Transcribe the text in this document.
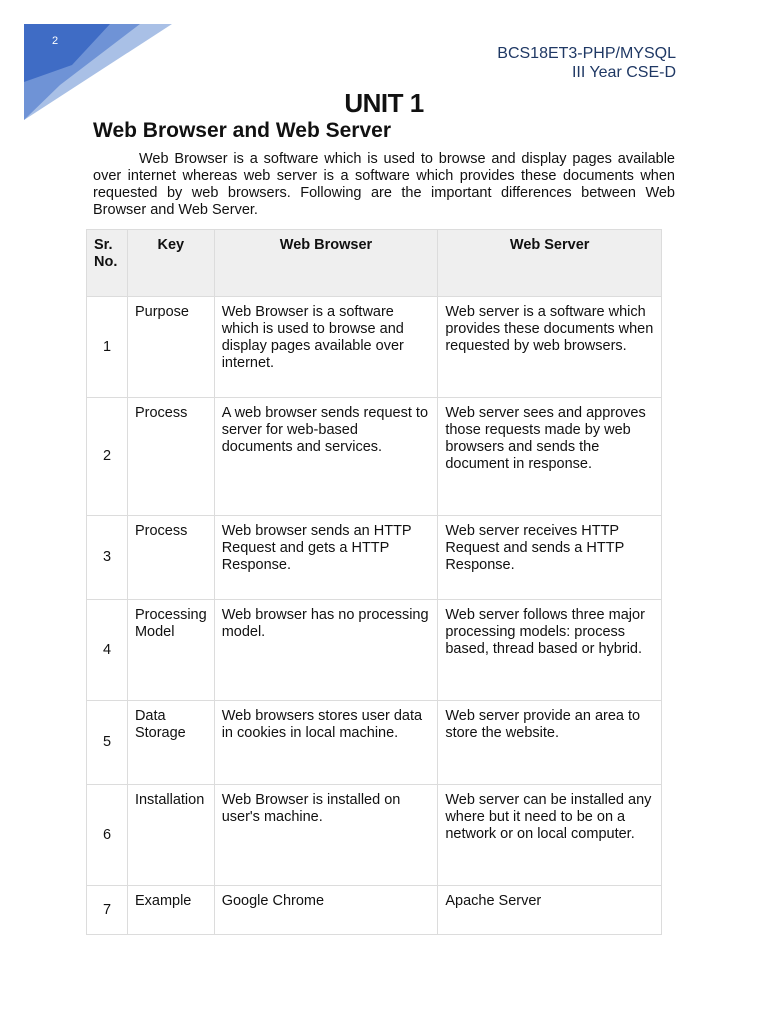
2
BCS18ET3-PHP/MYSQL
III Year CSE-D
UNIT 1
Web Browser and Web Server
Web Browser is a software which is used to browse and display pages available over internet whereas web server is a software which provides these documents when requested by web browsers. Following are the important differences between Web Browser and Web Server.
Sr. No.	Key	Web Browser	Web Server
1	Purpose	Web Browser is a software which is used to browse and display pages available over internet.	Web server is a software which provides these documents when requested by web browsers.
2	Process	A web browser sends request to server for web-based documents and services.	Web server sees and approves those requests made by web browsers and sends the document in response.
3	Process	Web browser sends an HTTP Request and gets a HTTP Response.	Web server receives HTTP Request and sends a HTTP Response.
4	Processing Model	Web browser has no processing model.	Web server follows three major processing models: process based, thread based or hybrid.
5	Data Storage	Web browsers stores user data in cookies in local machine.	Web server provide an area to store the website.
6	Installation	Web Browser is installed on user's machine.	Web server can be installed any where but it need to be on a network or on local computer.
7	Example	Google Chrome	Apache Server
